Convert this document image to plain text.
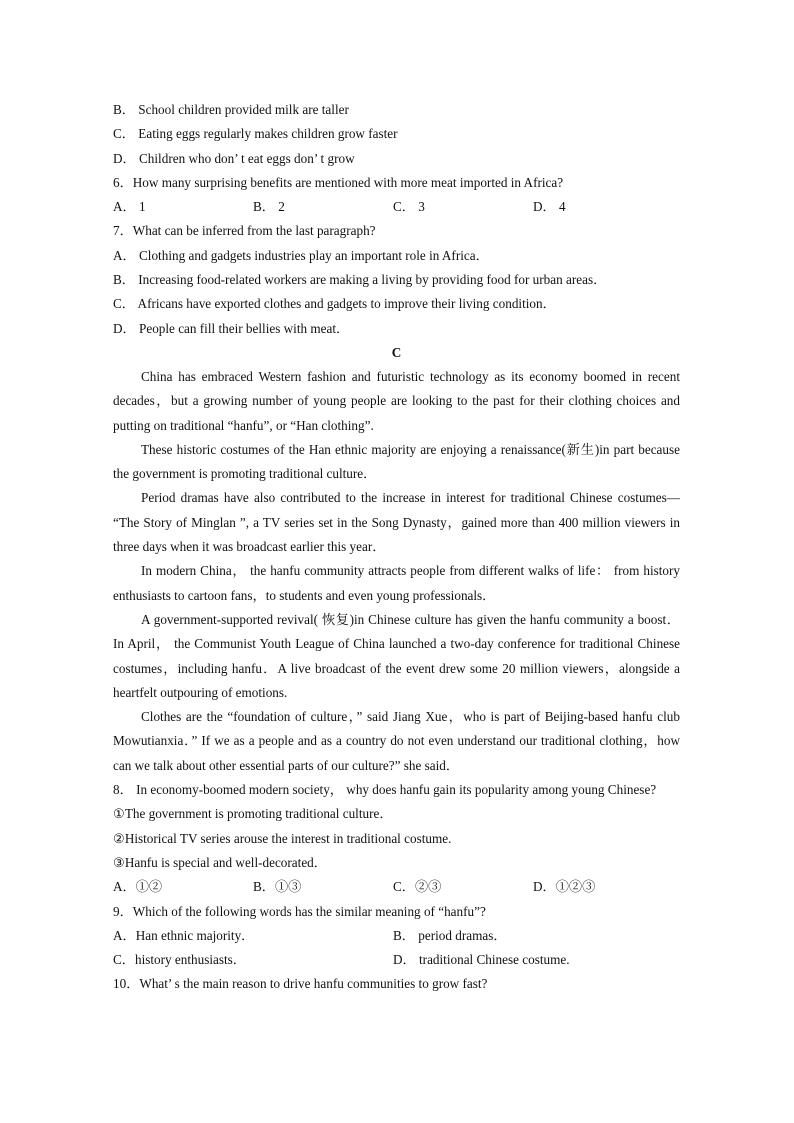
B． School children provided milk are taller
C． Eating eggs regularly makes children grow faster
D． Children who don’ t eat eggs don’ t grow
6．How many surprising benefits are mentioned with more meat imported in Africa?
A． 1	B． 2	C． 3	D． 4
7．What can be inferred from the last paragraph?
A． Clothing and gadgets industries play an important role in Africa．
B． Increasing food-related workers are making a living by providing food for urban areas．
C． Africans have exported clothes and gadgets to improve their living condition．
D． People can fill their bellies with meat．
C

China has embraced Western fashion and futuristic technology as its economy boomed in recent decades，but a growing number of young people are looking to the past for their clothing choices and putting on traditional “hanfu”, or “Han clothing”.

These historic costumes of the Han ethnic majority are enjoying a renaissance(新生)in part because the government is promoting traditional culture．

Period dramas have also contributed to the increase in interest for traditional Chinese costumes— “The Story of Minglan ”, a TV series set in the Song Dynasty，gained more than 400 million viewers in three days when it was broadcast earlier this year．

In modern China， the hanfu community attracts people from different walks of life： from history enthusiasts to cartoon fans，to students and even young professionals．

A government-supported revival( 恢复)in Chinese culture has given the hanfu community a boost． In April， the Communist Youth League of China launched a two-day conference for traditional Chinese costumes，including hanfu．A live broadcast of the event drew some 20 million viewers，alongside a heartfelt outpouring of emotions.

Clothes are the “foundation of culture，” said Jiang Xue，who is part of Beijing-based hanfu club Mowutianxia．” If we as a people and as a country do not even understand our traditional clothing，how can we talk about other essential parts of our culture?” she said．

8． In economy-boomed modern society， why does hanfu gain its popularity among young Chinese?

①The government is promoting traditional culture．
②Historical TV series arouse the interest in traditional costume.
③Hanfu is special and well-decorated．
A．①②	B．①③	C．②③	D．①②③
9．Which of the following words has the similar meaning of “hanfu”?
A．Han ethnic majority．	B． period dramas．
C．history enthusiasts．	D． traditional Chinese costume.
10．What’ s the main reason to drive hanfu communities to grow fast?
